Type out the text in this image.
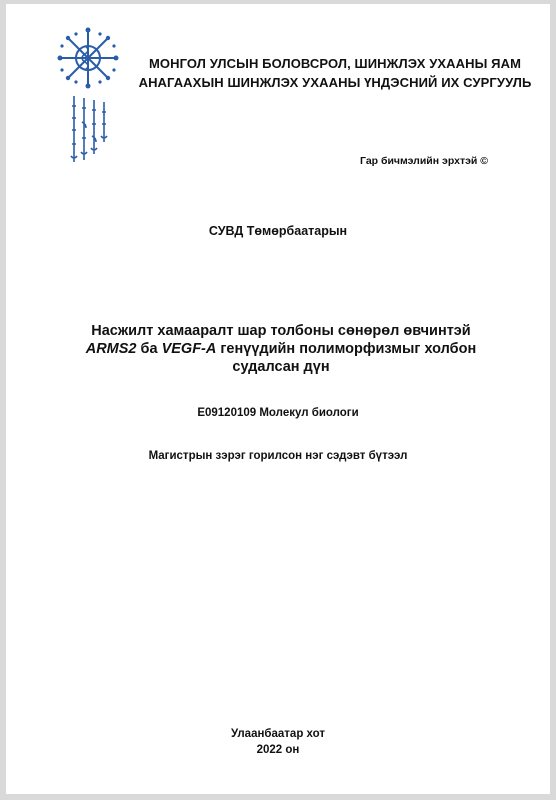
МОНГОЛ УЛСЫН БОЛОВСРОЛ, ШИНЖЛЭХ УХААНЫ ЯАМ
АНАГААХЫН ШИНЖЛЭХ УХААНЫ ҮНДЭСНИЙ ИХ СУРГУУЛЬ
Гар бичмэлийн эрхтэй ©
СУВД Төмөрбаатарын
Насжилт хамааралт шар толбоны сөнөрөл өвчинтэй
ARMS2 ба VEGF-A генүүдийн полиморфизмыг холбон
судалсан дүн
E09120109 Молекул биологи
Магистрын зэрэг горилсон нэг сэдэвт бүтээл
Улаанбаатар хот
2022 он
